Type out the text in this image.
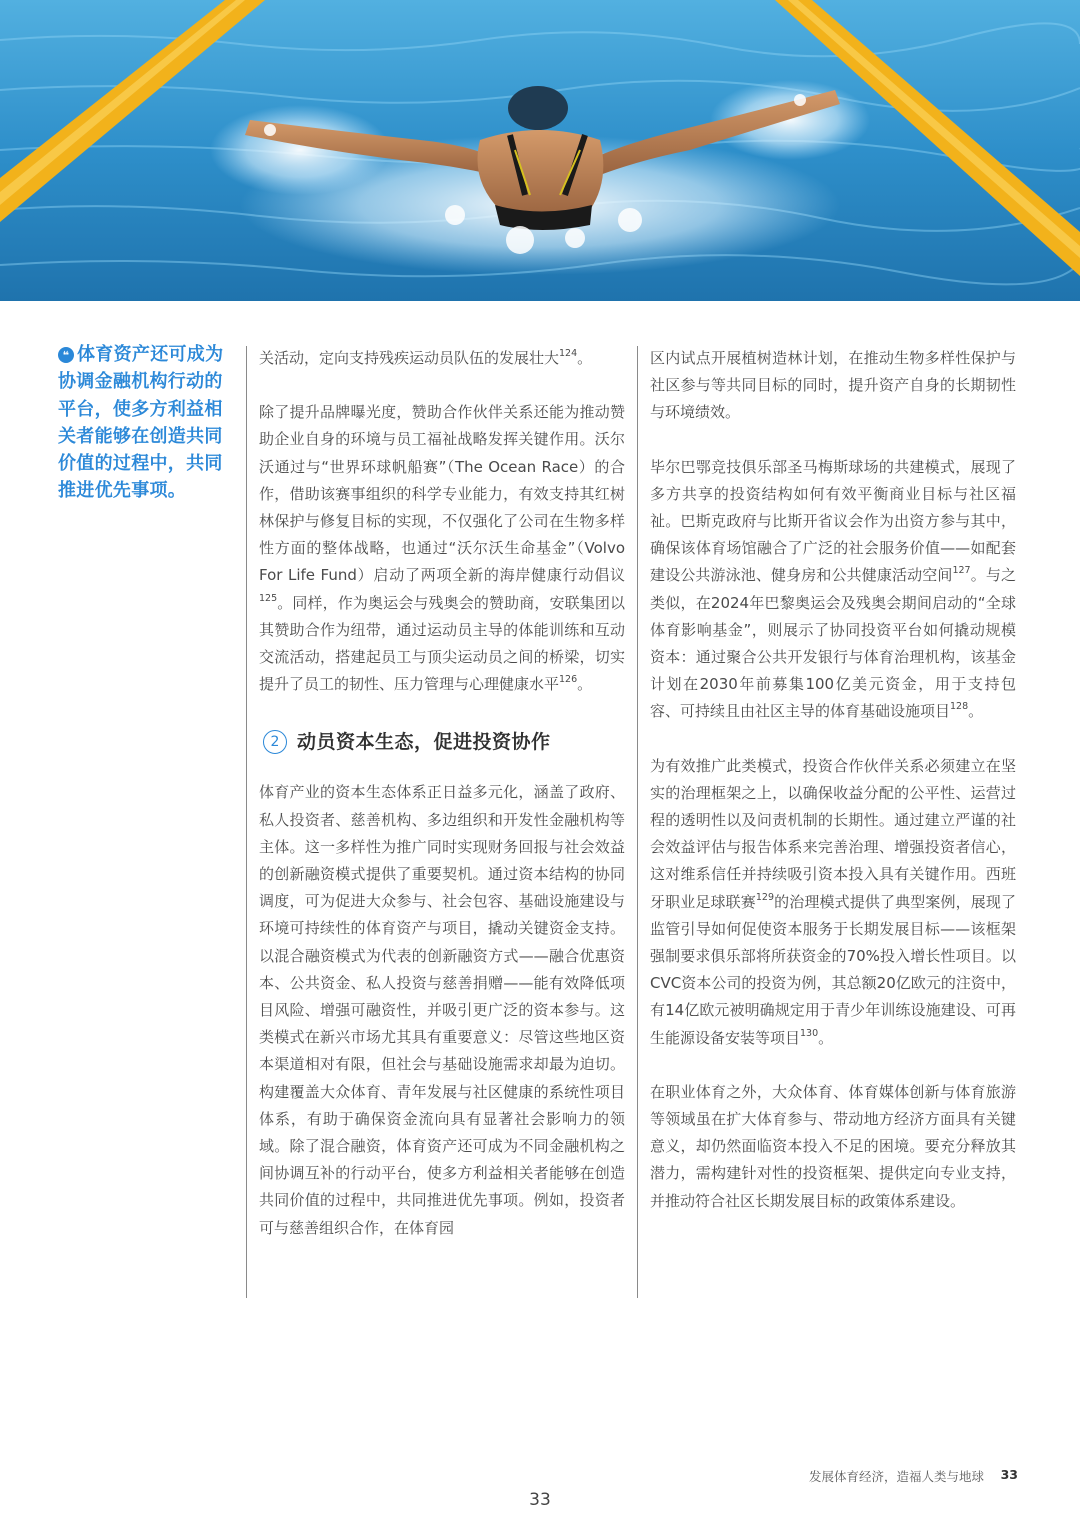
❝ 体育资产还可成为协调金融机构行动的平台，使多方利益相关者能够在创造共同价值的过程中，共同推进优先事项。

关活动，定向支持残疾运动员队伍的发展壮大$^{124}$。

除了提升品牌曝光度，赞助合作伙伴关系还能为推动赞助企业自身的环境与员工福祉战略发挥关键作用。沃尔沃通过与“世界环球帆船赛”（The Ocean Race）的合作，借助该赛事组织的科学专业能力，有效支持其红树林保护与修复目标的实现，不仅强化了公司在生物多样性方面的整体战略，也通过“沃尔沃生命基金”（Volvo For Life Fund）启动了两项全新的海岸健康行动倡议$^{125}$。同样，作为奥运会与残奥会的赞助商，安联集团以其赞助合作为纽带，通过运动员主导的体能训练和互动交流活动，搭建起员工与顶尖运动员之间的桥梁，切实提升了员工的韧性、压力管理与心理健康水平$^{126}$。

2 动员资本生态，促进投资协作

体育产业的资本生态体系正日益多元化，涵盖了政府、私人投资者、慈善机构、多边组织和开发性金融机构等主体。这一多样性为推广同时实现财务回报与社会效益的创新融资模式提供了重要契机。通过资本结构的协同调度，可为促进大众参与、社会包容、基础设施建设与环境可持续性的体育资产与项目，撬动关键资金支持。以混合融资模式为代表的创新融资方式——融合优惠资本、公共资金、私人投资与慈善捐赠——能有效降低项目风险、增强可融资性，并吸引更广泛的资本参与。这类模式在新兴市场尤其具有重要意义：尽管这些地区资本渠道相对有限，但社会与基础设施需求却最为迫切。构建覆盖大众体育、青年发展与社区健康的系统性项目体系，有助于确保资金流向具有显著社会影响力的领域。除了混合融资，体育资产还可成为不同金融机构之间协调互补的行动平台，使多方利益相关者能够在创造共同价值的过程中，共同推进优先事项。例如，投资者可与慈善组织合作，在体育园

区内试点开展植树造林计划，在推动生物多样性保护与社区参与等共同目标的同时，提升资产自身的长期韧性与环境绩效。

毕尔巴鄂竞技俱乐部圣马梅斯球场的共建模式，展现了多方共享的投资结构如何有效平衡商业目标与社区福祉。巴斯克政府与比斯开省议会作为出资方参与其中，确保该体育场馆融合了广泛的社会服务价值——如配套建设公共游泳池、健身房和公共健康活动空间$^{127}$。与之类似，在2024年巴黎奥运会及残奥会期间启动的“全球体育影响基金”，则展示了协同投资平台如何撬动规模资本：通过聚合公共开发银行与体育治理机构，该基金计划在2030年前募集100亿美元资金，用于支持包容、可持续且由社区主导的体育基础设施项目$^{128}$。

为有效推广此类模式，投资合作伙伴关系必须建立在坚实的治理框架之上，以确保收益分配的公平性、运营过程的透明性以及问责机制的长期性。通过建立严谨的社会效益评估与报告体系来完善治理、增强投资者信心，这对维系信任并持续吸引资本投入具有关键作用。西班牙职业足球联赛$^{129}$的治理模式提供了典型案例，展现了监管引导如何促使资本服务于长期发展目标——该框架强制要求俱乐部将所获资金的70%投入增长性项目。以CVC资本公司的投资为例，其总额20亿欧元的注资中，有14亿欧元被明确规定用于青少年训练设施建设、可再生能源设备安装等项目$^{130}$。

在职业体育之外，大众体育、体育媒体创新与体育旅游等领域虽在扩大体育参与、带动地方经济方面具有关键意义，却仍然面临资本投入不足的困境。要充分释放其潜力，需构建针对性的投资框架、提供定向专业支持，并推动符合社区长期发展目标的政策体系建设。

发展体育经济，造福人类与地球	33
33
